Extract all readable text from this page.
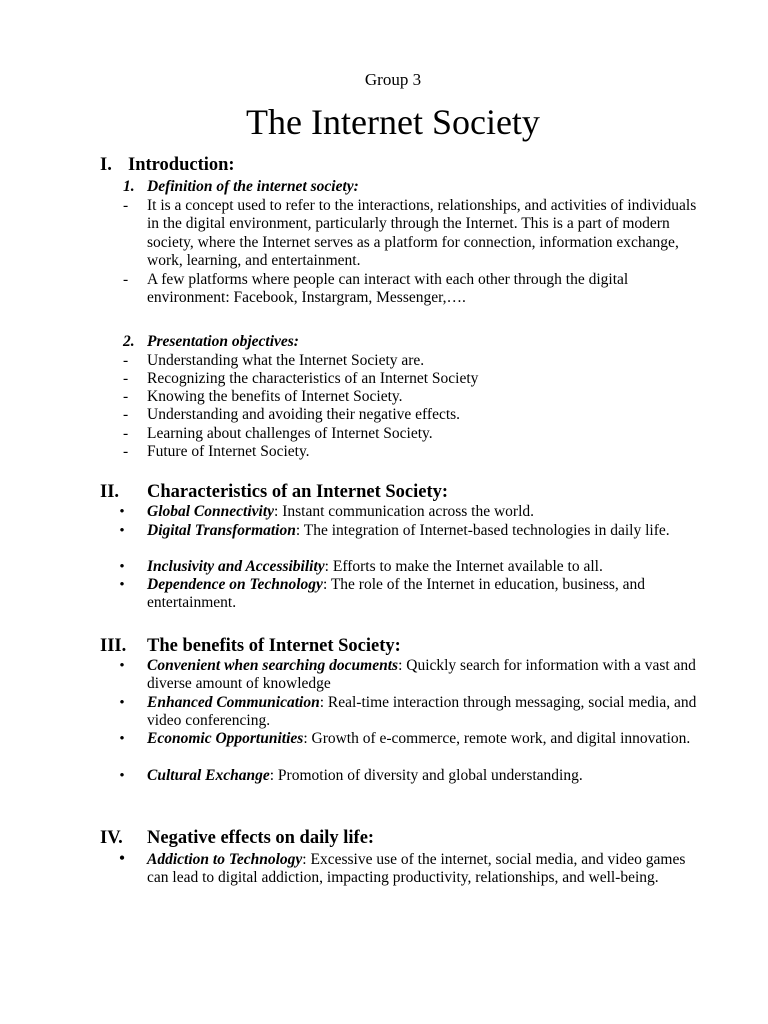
Group 3
The Internet Society
I. Introduction:
1. Definition of the internet society:
-	It is a concept used to refer to the interactions, relationships, and activities of individuals in the digital environment, particularly through the Internet. This is a part of modern society, where the Internet serves as a platform for connection, information exchange, work, learning, and entertainment.
-	A few platforms where people can interact with each other through the digital environment: Facebook, Instargram, Messenger,….
2. Presentation objectives:
-	Understanding what the Internet Society are.
-	Recognizing the characteristics of an Internet Society
-	Knowing the benefits of Internet Society.
-	Understanding and avoiding their negative effects.
-	Learning about challenges of Internet Society.
-	Future of Internet Society.
II. Characteristics of an Internet Society:
•	Global Connectivity: Instant communication across the world.
•	Digital Transformation: The integration of Internet-based technologies in daily life.
•	Inclusivity and Accessibility: Efforts to make the Internet available to all.
•	Dependence on Technology: The role of the Internet in education, business, and entertainment.
III. The benefits of Internet Society:
•	Convenient when searching documents: Quickly search for information with a vast and diverse amount of knowledge
•	Enhanced Communication: Real-time interaction through messaging, social media, and video conferencing.
•	Economic Opportunities: Growth of e-commerce, remote work, and digital innovation.
•	Cultural Exchange: Promotion of diversity and global understanding.
IV. Negative effects on daily life:
•	Addiction to Technology: Excessive use of the internet, social media, and video games can lead to digital addiction, impacting productivity, relationships, and well-being.
